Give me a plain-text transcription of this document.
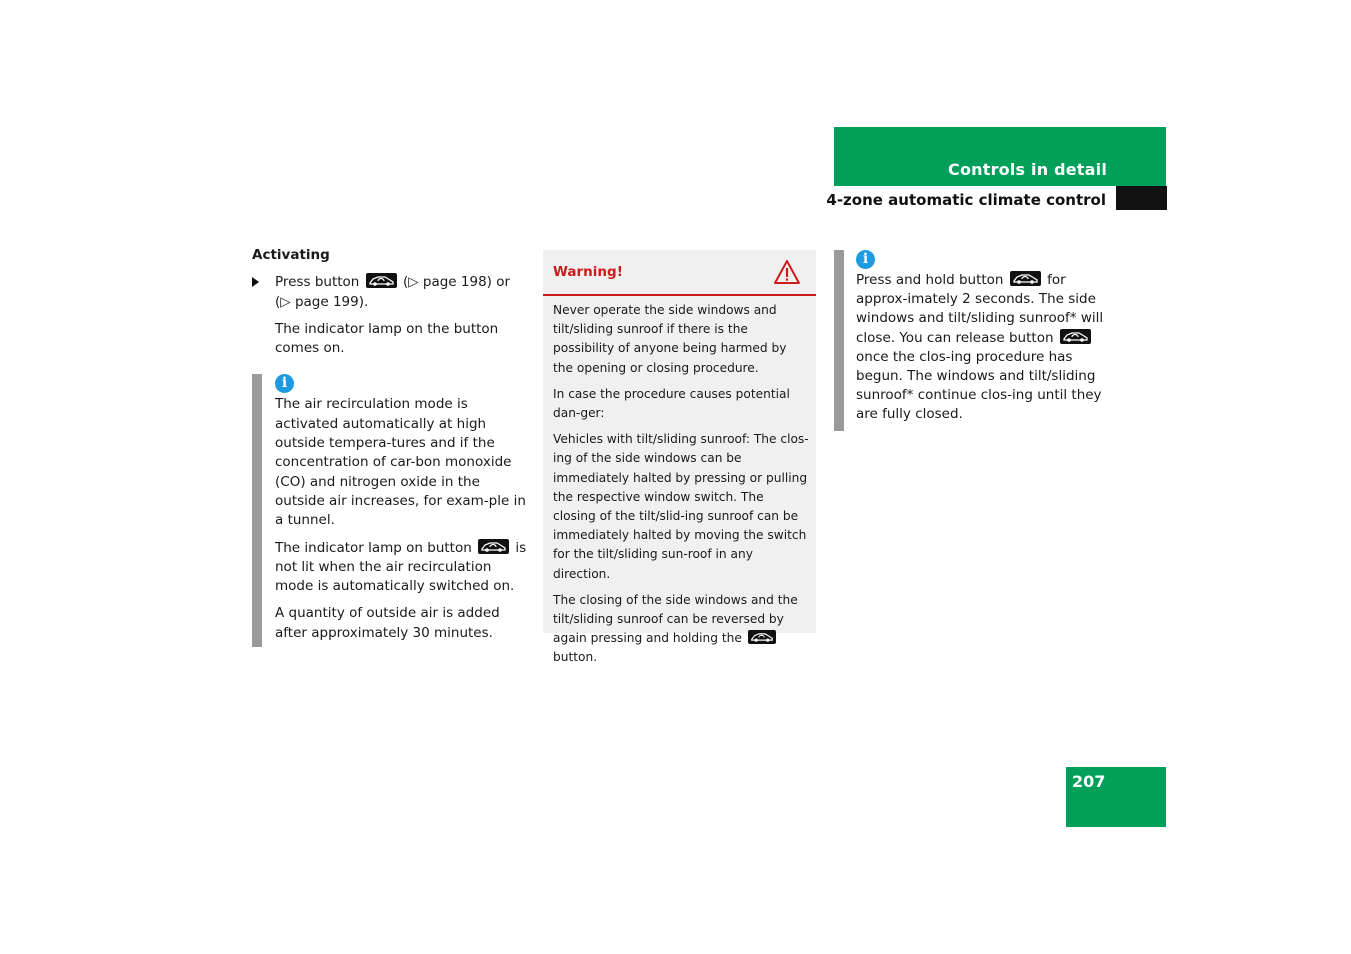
Controls in detail
4-zone automatic climate control
Activating
Press button	(▷ page 198) or
(▷ page 199).
The indicator lamp on the button comes on.
i

The air recirculation mode is activated automatically at high outside tempera-tures and if the concentration of car-bon monoxide (CO) and nitrogen oxide in the outside air increases, for exam-ple in a tunnel.

The indicator lamp on button	is not lit when the air recirculation mode is automatically switched on.

A quantity of outside air is added after approximately 30 minutes.

Warning!

Never operate the side windows and tilt/sliding sunroof if there is the possibility of anyone being harmed by the opening or closing procedure.

In case the procedure causes potential dan-ger:

Vehicles with tilt/sliding sunroof: The clos-ing of the side windows can be immediately halted by pressing or pulling the respective window switch. The closing of the tilt/slid-ing sunroof can be immediately halted by moving the switch for the tilt/sliding sun-roof in any direction.

The closing of the side windows and the tilt/sliding sunroof can be reversed by again pressing and holding the
button.

i

Press and hold button	for approx-imately 2 seconds. The side windows and tilt/sliding sunroof* will close. You can release button
once the clos-ing procedure has begun. The windows and tilt/sliding sunroof* continue clos-ing until they are fully closed.

207
